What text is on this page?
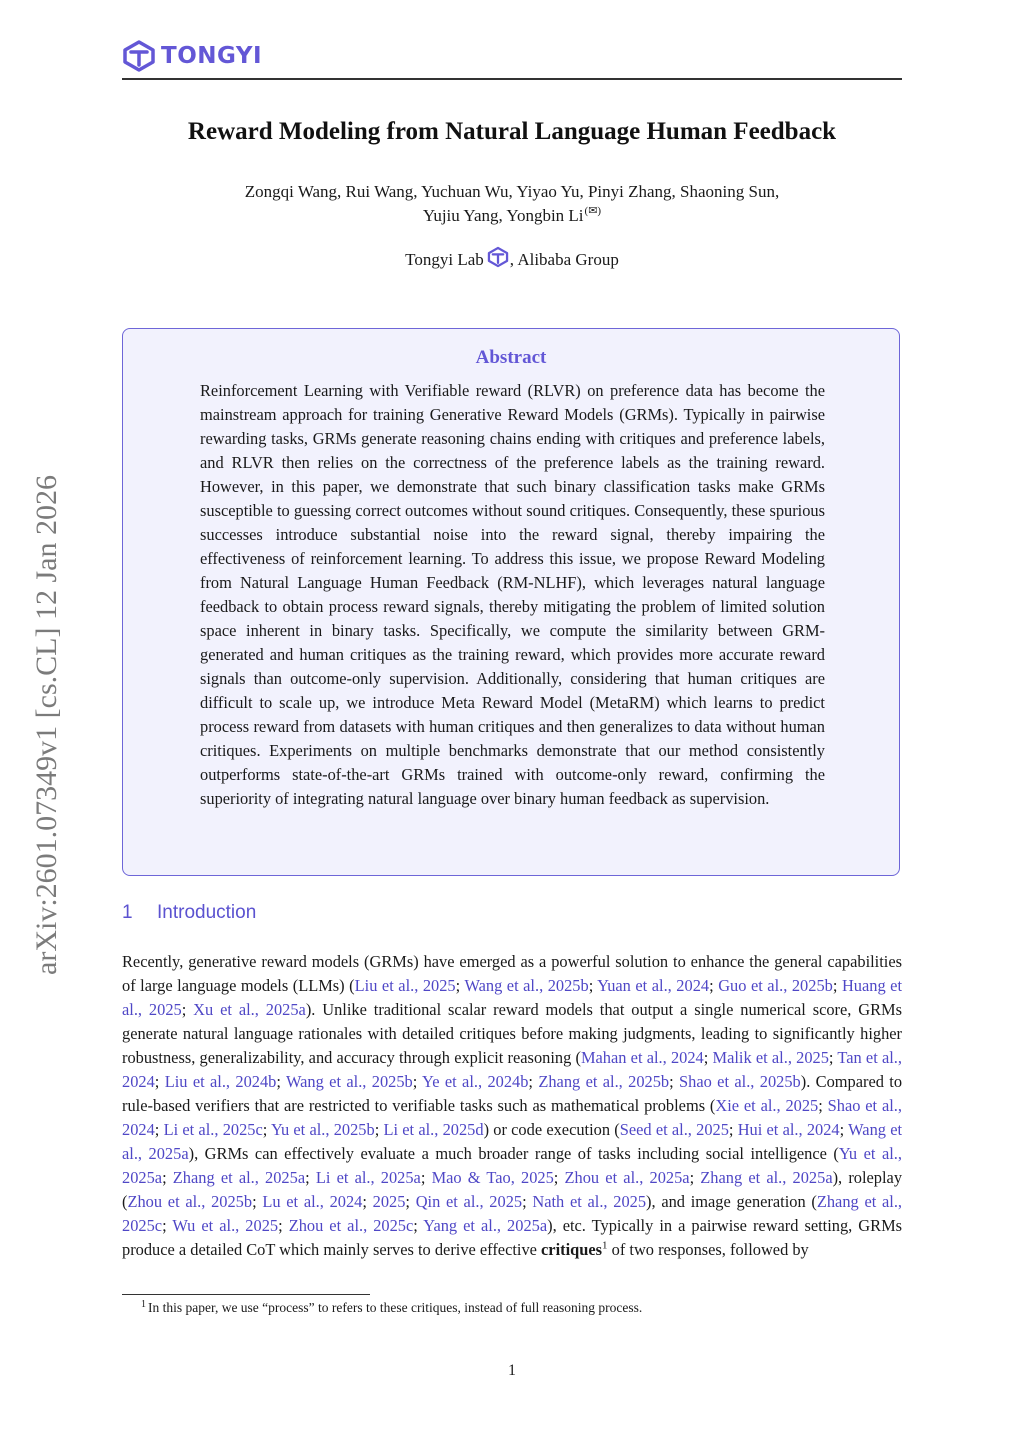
TONGYI
Reward Modeling from Natural Language Human Feedback
Zongqi Wang, Rui Wang, Yuchuan Wu, Yiyao Yu, Pinyi Zhang, Shaoning Sun,
Yujiu Yang, Yongbin Li(✉)
Tongyi Lab , Alibaba Group
Abstract

Reinforcement Learning with Verifiable reward (RLVR) on preference data has become the mainstream approach for training Generative Reward Models (GRMs). Typically in pairwise rewarding tasks, GRMs generate reasoning chains ending with critiques and preference labels, and RLVR then relies on the correctness of the preference labels as the training reward. However, in this paper, we demonstrate that such binary classification tasks make GRMs susceptible to guessing correct outcomes without sound critiques. Consequently, these spurious successes introduce substantial noise into the reward signal, thereby impairing the effectiveness of reinforcement learning. To address this issue, we propose Reward Modeling from Natural Language Human Feedback (RM-NLHF), which leverages natural language feedback to obtain process reward signals, thereby mitigating the problem of limited solution space inherent in binary tasks. Specifically, we compute the similarity between GRM-generated and human critiques as the training reward, which provides more accurate reward signals than outcome-only supervision. Additionally, considering that human critiques are difficult to scale up, we introduce Meta Reward Model (MetaRM) which learns to predict process reward from datasets with human critiques and then generalizes to data without human critiques. Experiments on multiple benchmarks demonstrate that our method consistently outperforms state-of-the-art GRMs trained with outcome-only reward, confirming the superiority of integrating natural language over binary human feedback as supervision.

arXiv:2601.07349v1 [cs.CL] 12 Jan 2026	1 Introduction

Recently, generative reward models (GRMs) have emerged as a powerful solution to enhance the general capabilities of large language models (LLMs) (Liu et al., 2025; Wang et al., 2025b; Yuan et al., 2024; Guo et al., 2025b; Huang et al., 2025; Xu et al., 2025a). Unlike traditional scalar reward models that output a single numerical score, GRMs generate natural language rationales with detailed critiques before making judgments, leading to significantly higher robustness, generalizability, and accuracy through explicit reasoning (Mahan et al., 2024; Malik et al., 2025; Tan et al., 2024; Liu et al., 2024b; Wang et al., 2025b; Ye et al., 2024b; Zhang et al., 2025b; Shao et al., 2025b). Compared to rule-based verifiers that are restricted to verifiable tasks such as mathematical problems (Xie et al., 2025; Shao et al., 2024; Li et al., 2025c; Yu et al., 2025b; Li et al., 2025d) or code execution (Seed et al., 2025; Hui et al., 2024; Wang et al., 2025a), GRMs can effectively evaluate a much broader range of tasks including social intelligence (Yu et al., 2025a; Zhang et al., 2025a; Li et al., 2025a; Mao & Tao, 2025; Zhou et al., 2025a; Zhang et al., 2025a), roleplay (Zhou et al., 2025b; Lu et al., 2024; 2025; Qin et al., 2025; Nath et al., 2025), and image generation (Zhang et al., 2025c; Wu et al., 2025; Zhou et al., 2025c; Yang et al., 2025a), etc. Typically in a pairwise reward setting, GRMs produce a detailed CoT which mainly serves to derive effective critiques$^1$ of two responses, followed by

$^1$ In this paper, we use “process” to refers to these critiques, instead of full reasoning process.

1
